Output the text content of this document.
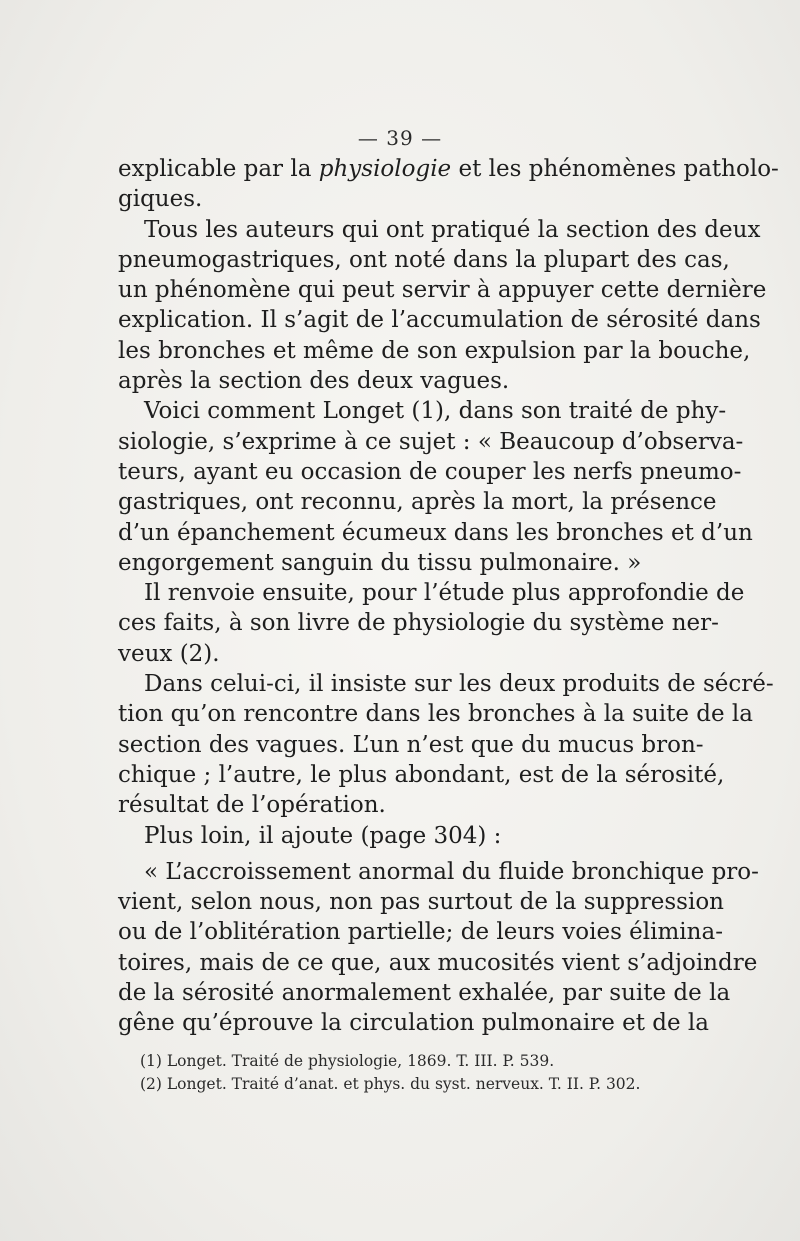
— 39 —
explicable par la physiologie et les phénomènes patholo-
giques.
Tous les auteurs qui ont pratiqué la section des deux
pneumogastriques, ont noté dans la plupart des cas,
un phénomène qui peut servir à appuyer cette dernière
explication. Il s’agit de l’accumulation de sérosité dans
les bronches et même de son expulsion par la bouche,
après la section des deux vagues.
Voici comment Longet (1), dans son traité de phy-
siologie, s’exprime à ce sujet : « Beaucoup d’observa-
teurs, ayant eu occasion de couper les nerfs pneumo-
gastriques, ont reconnu, après la mort, la présence
d’un épanchement écumeux dans les bronches et d’un
engorgement sanguin du tissu pulmonaire. »
Il renvoie ensuite, pour l’étude plus approfondie de
ces faits, à son livre de physiologie du système ner-
veux (2).
Dans celui-ci, il insiste sur les deux produits de sécré-
tion qu’on rencontre dans les bronches à la suite de la
section des vagues. L’un n’est que du mucus bron-
chique ; l’autre, le plus abondant, est de la sérosité,
résultat de l’opération.
Plus loin, il ajoute (page 304) :
« L’accroissement anormal du fluide bronchique pro-
vient, selon nous, non pas surtout de la suppression
ou de l’oblitération partielle; de leurs voies élimina-
toires, mais de ce que, aux mucosités vient s’adjoindre
de la sérosité anormalement exhalée, par suite de la
gêne qu’éprouve la circulation pulmonaire et de la
(1) Longet. Traité de physiologie, 1869. T. III. P. 539.
(2) Longet. Traité d’anat. et phys. du syst. nerveux. T. II. P. 302.
